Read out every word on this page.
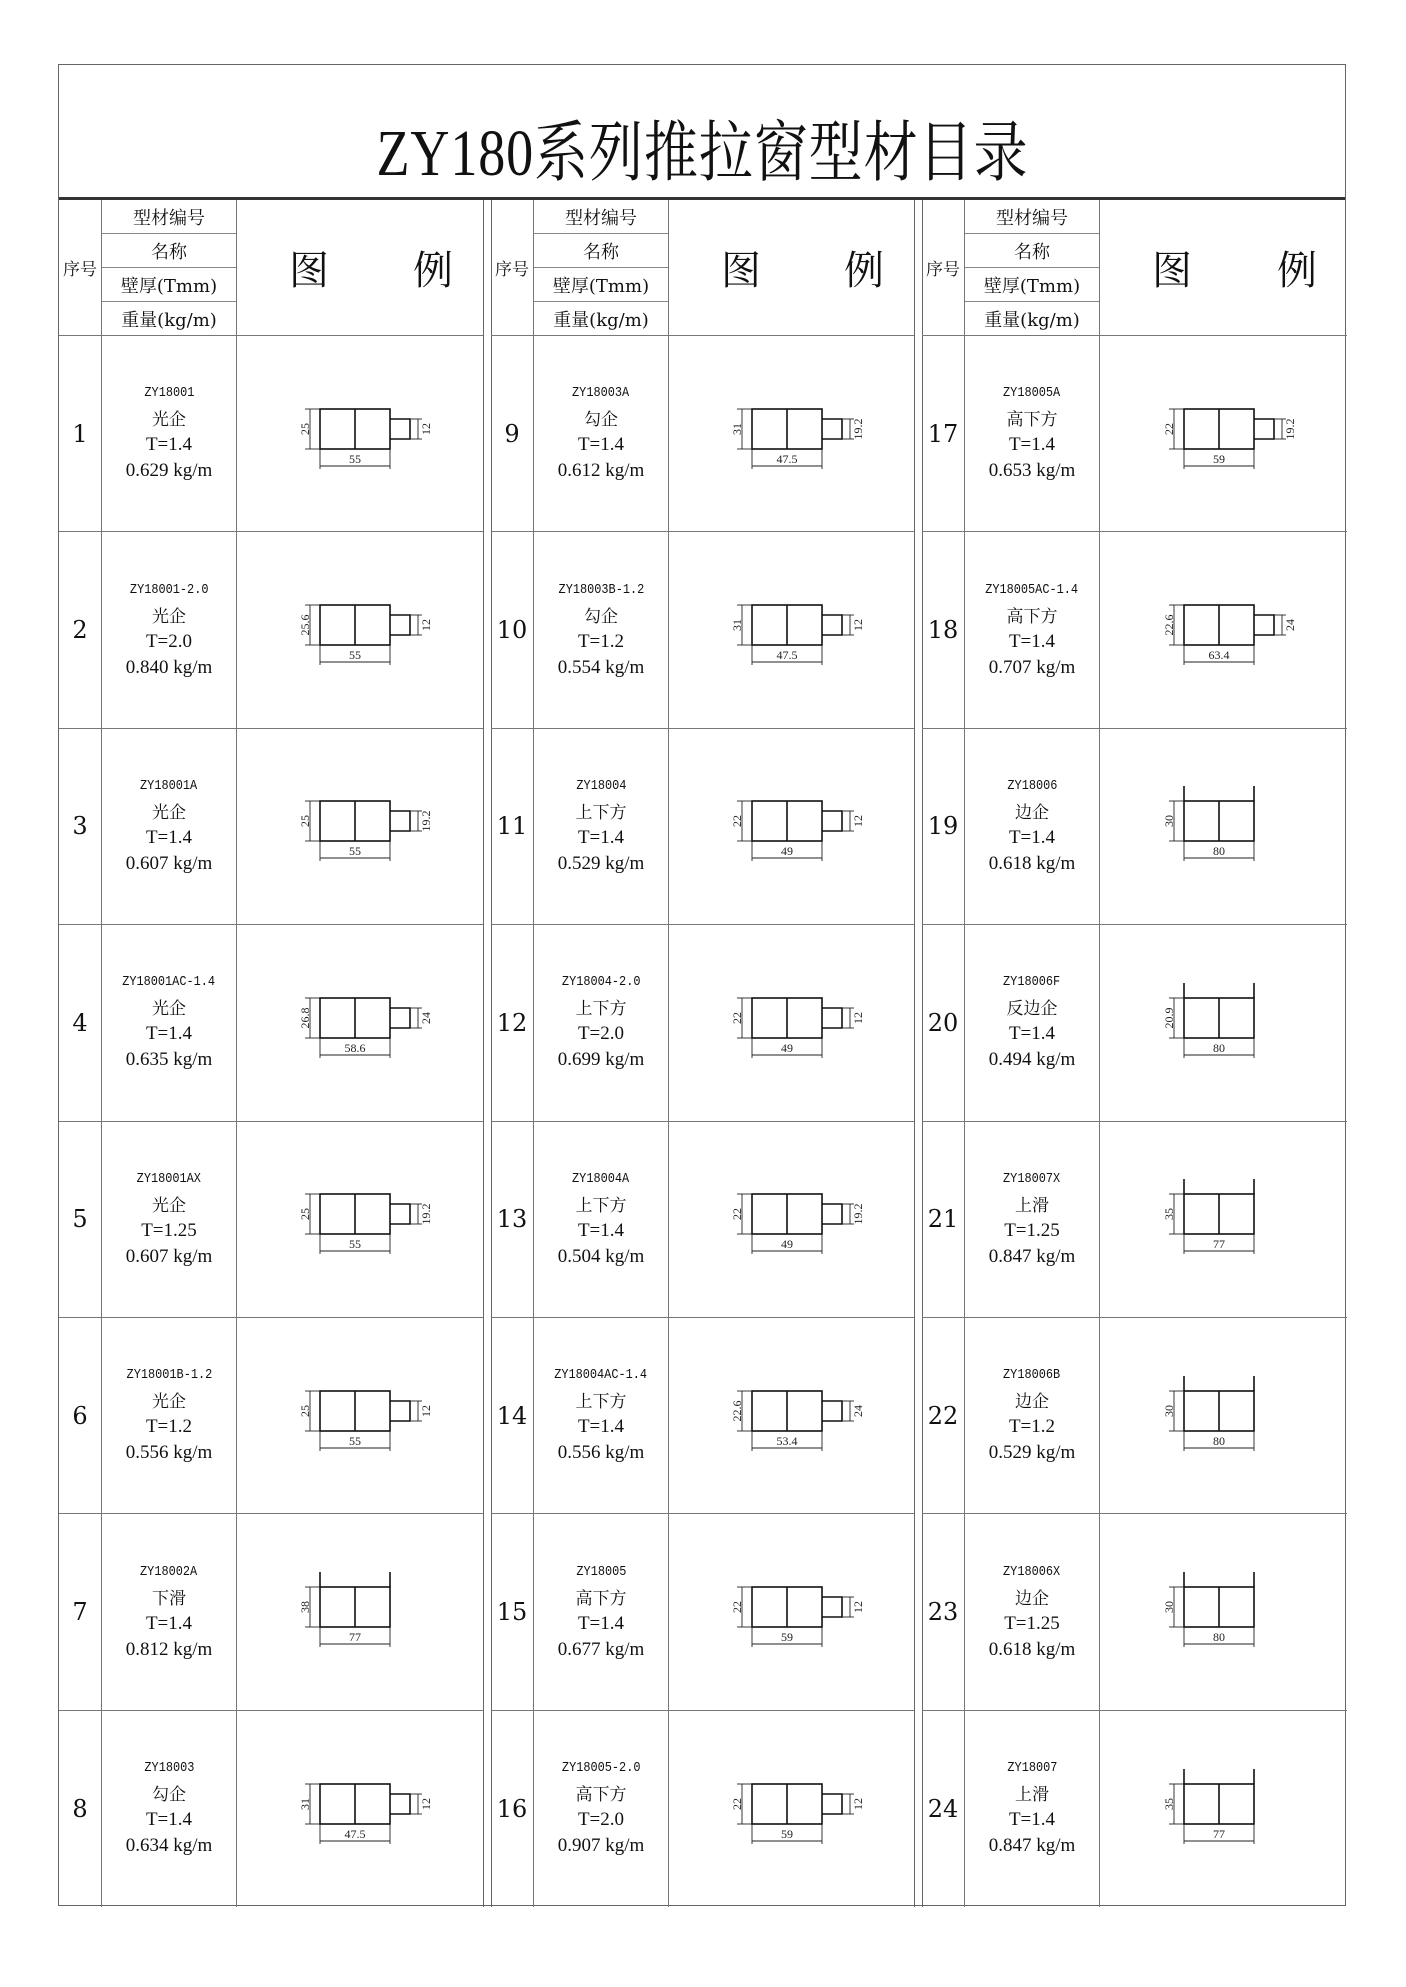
ZY180系列推拉窗型材目录
序号
型材编号
名称
壁厚(Tmm)
重量(kg/m)
图 例
1
ZY18001
光企
T=1.4
0.629 kg/m
25
55
12
2
ZY18001-2.0
光企
T=2.0
0.840 kg/m
25.6
55
12
3
ZY18001A
光企
T=1.4
0.607 kg/m
25
55
19.2
4
ZY18001AC-1.4
光企
T=1.4
0.635 kg/m
26.8
58.6
24
5
ZY18001AX
光企
T=1.25
0.607 kg/m
25
55
19.2
6
ZY18001B-1.2
光企
T=1.2
0.556 kg/m
25
55
12
7
ZY18002A
下滑
T=1.4
0.812 kg/m
38
77
8
ZY18003
勾企
T=1.4
0.634 kg/m
31
47.5
12
序号
型材编号
名称
壁厚(Tmm)
重量(kg/m)
图 例
9
ZY18003A
勾企
T=1.4
0.612 kg/m
31
47.5
19.2
10
ZY18003B-1.2
勾企
T=1.2
0.554 kg/m
31
47.5
12
11
ZY18004
上下方
T=1.4
0.529 kg/m
22
49
12
12
ZY18004-2.0
上下方
T=2.0
0.699 kg/m
22
49
12
13
ZY18004A
上下方
T=1.4
0.504 kg/m
22
49
19.2
14
ZY18004AC-1.4
上下方
T=1.4
0.556 kg/m
22.6
53.4
24
15
ZY18005
高下方
T=1.4
0.677 kg/m
22
59
12
16
ZY18005-2.0
高下方
T=2.0
0.907 kg/m
22
59
12
序号
型材编号
名称
壁厚(Tmm)
重量(kg/m)
图 例
17
ZY18005A
高下方
T=1.4
0.653 kg/m
22
59
19.2
18
ZY18005AC-1.4
高下方
T=1.4
0.707 kg/m
22.6
63.4
24
19
ZY18006
边企
T=1.4
0.618 kg/m
30
80
20
ZY18006F
反边企
T=1.4
0.494 kg/m
20.9
80
21
ZY18007X
上滑
T=1.25
0.847 kg/m
35
77
22
ZY18006B
边企
T=1.2
0.529 kg/m
30
80
23
ZY18006X
边企
T=1.25
0.618 kg/m
30
80
24
ZY18007
上滑
T=1.4
0.847 kg/m
35
77
